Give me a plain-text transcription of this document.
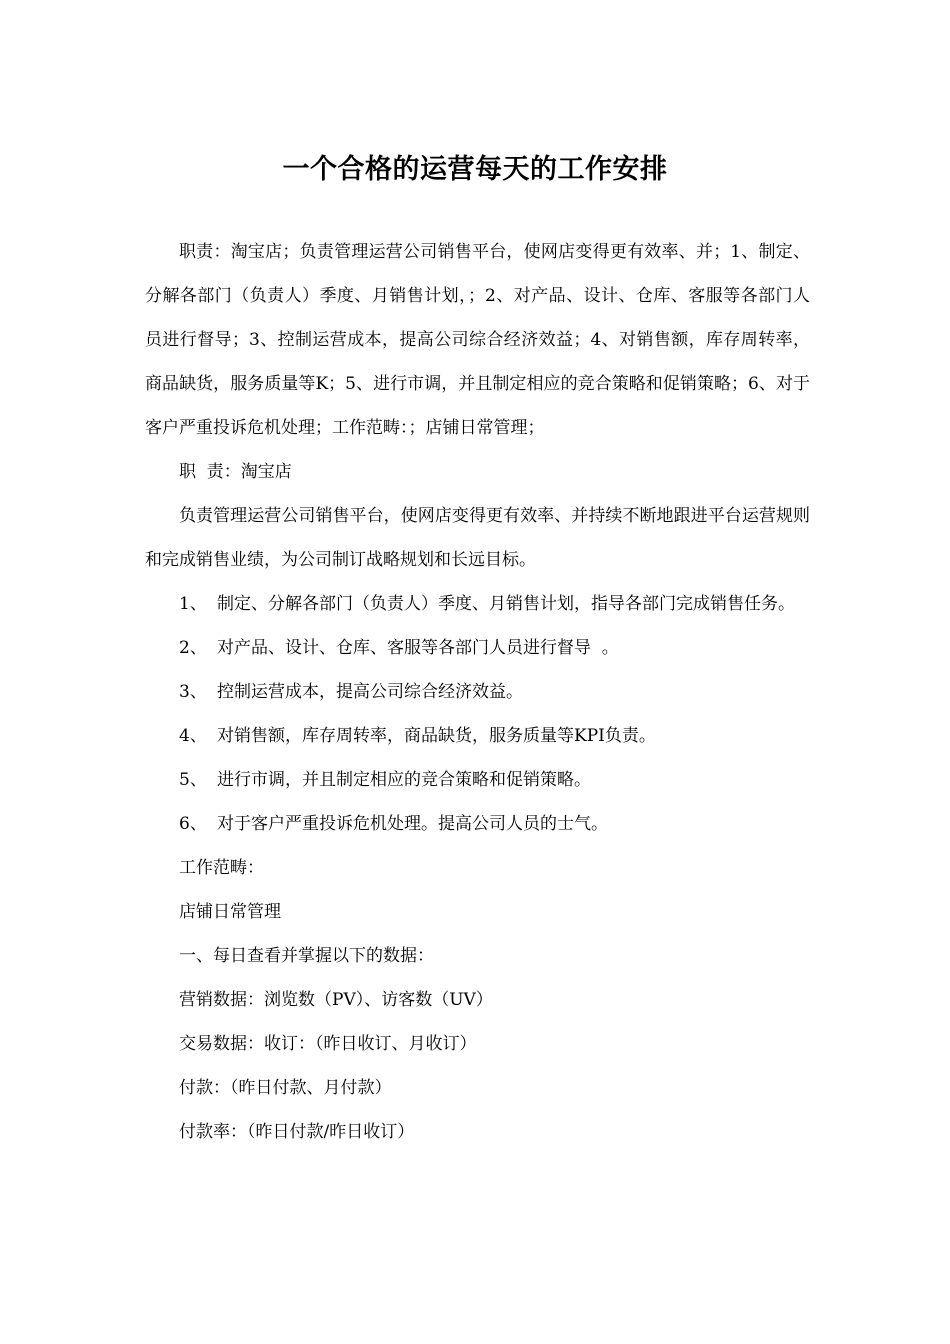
一个合格的运营每天的工作安排

职责：淘宝店；负责管理运营公司销售平台，使网店变得更有效率、并；1、制定、分解各部门（负责人）季度、月销售计划，；2、对产品、设计、仓库、客服等各部门人员进行督导；3、控制运营成本，提高公司综合经济效益；4、对销售额，库存周转率，商品缺货，服务质量等K；5、进行市调，并且制定相应的竞合策略和促销策略；6、对于客户严重投诉危机处理；工作范畴：；店铺日常管理；

职  责：淘宝店

负责管理运营公司销售平台，使网店变得更有效率、并持续不断地跟进平台运营规则和完成销售业绩，为公司制订战略规划和长远目标。

1、 制定、分解各部门（负责人）季度、月销售计划，指导各部门完成销售任务。

2、 对产品、设计、仓库、客服等各部门人员进行督导  。

3、 控制运营成本，提高公司综合经济效益。

4、 对销售额，库存周转率，商品缺货，服务质量等KPI负责。

5、 进行市调，并且制定相应的竞合策略和促销策略。

6、 对于客户严重投诉危机处理。提高公司人员的士气。

工作范畴：

店铺日常管理

一、每日查看并掌握以下的数据：

营销数据：浏览数（PV）、访客数（UV）

交易数据：收订：（昨日收订、月收订）

付款：（昨日付款、月付款）

付款率：（昨日付款/昨日收订）
